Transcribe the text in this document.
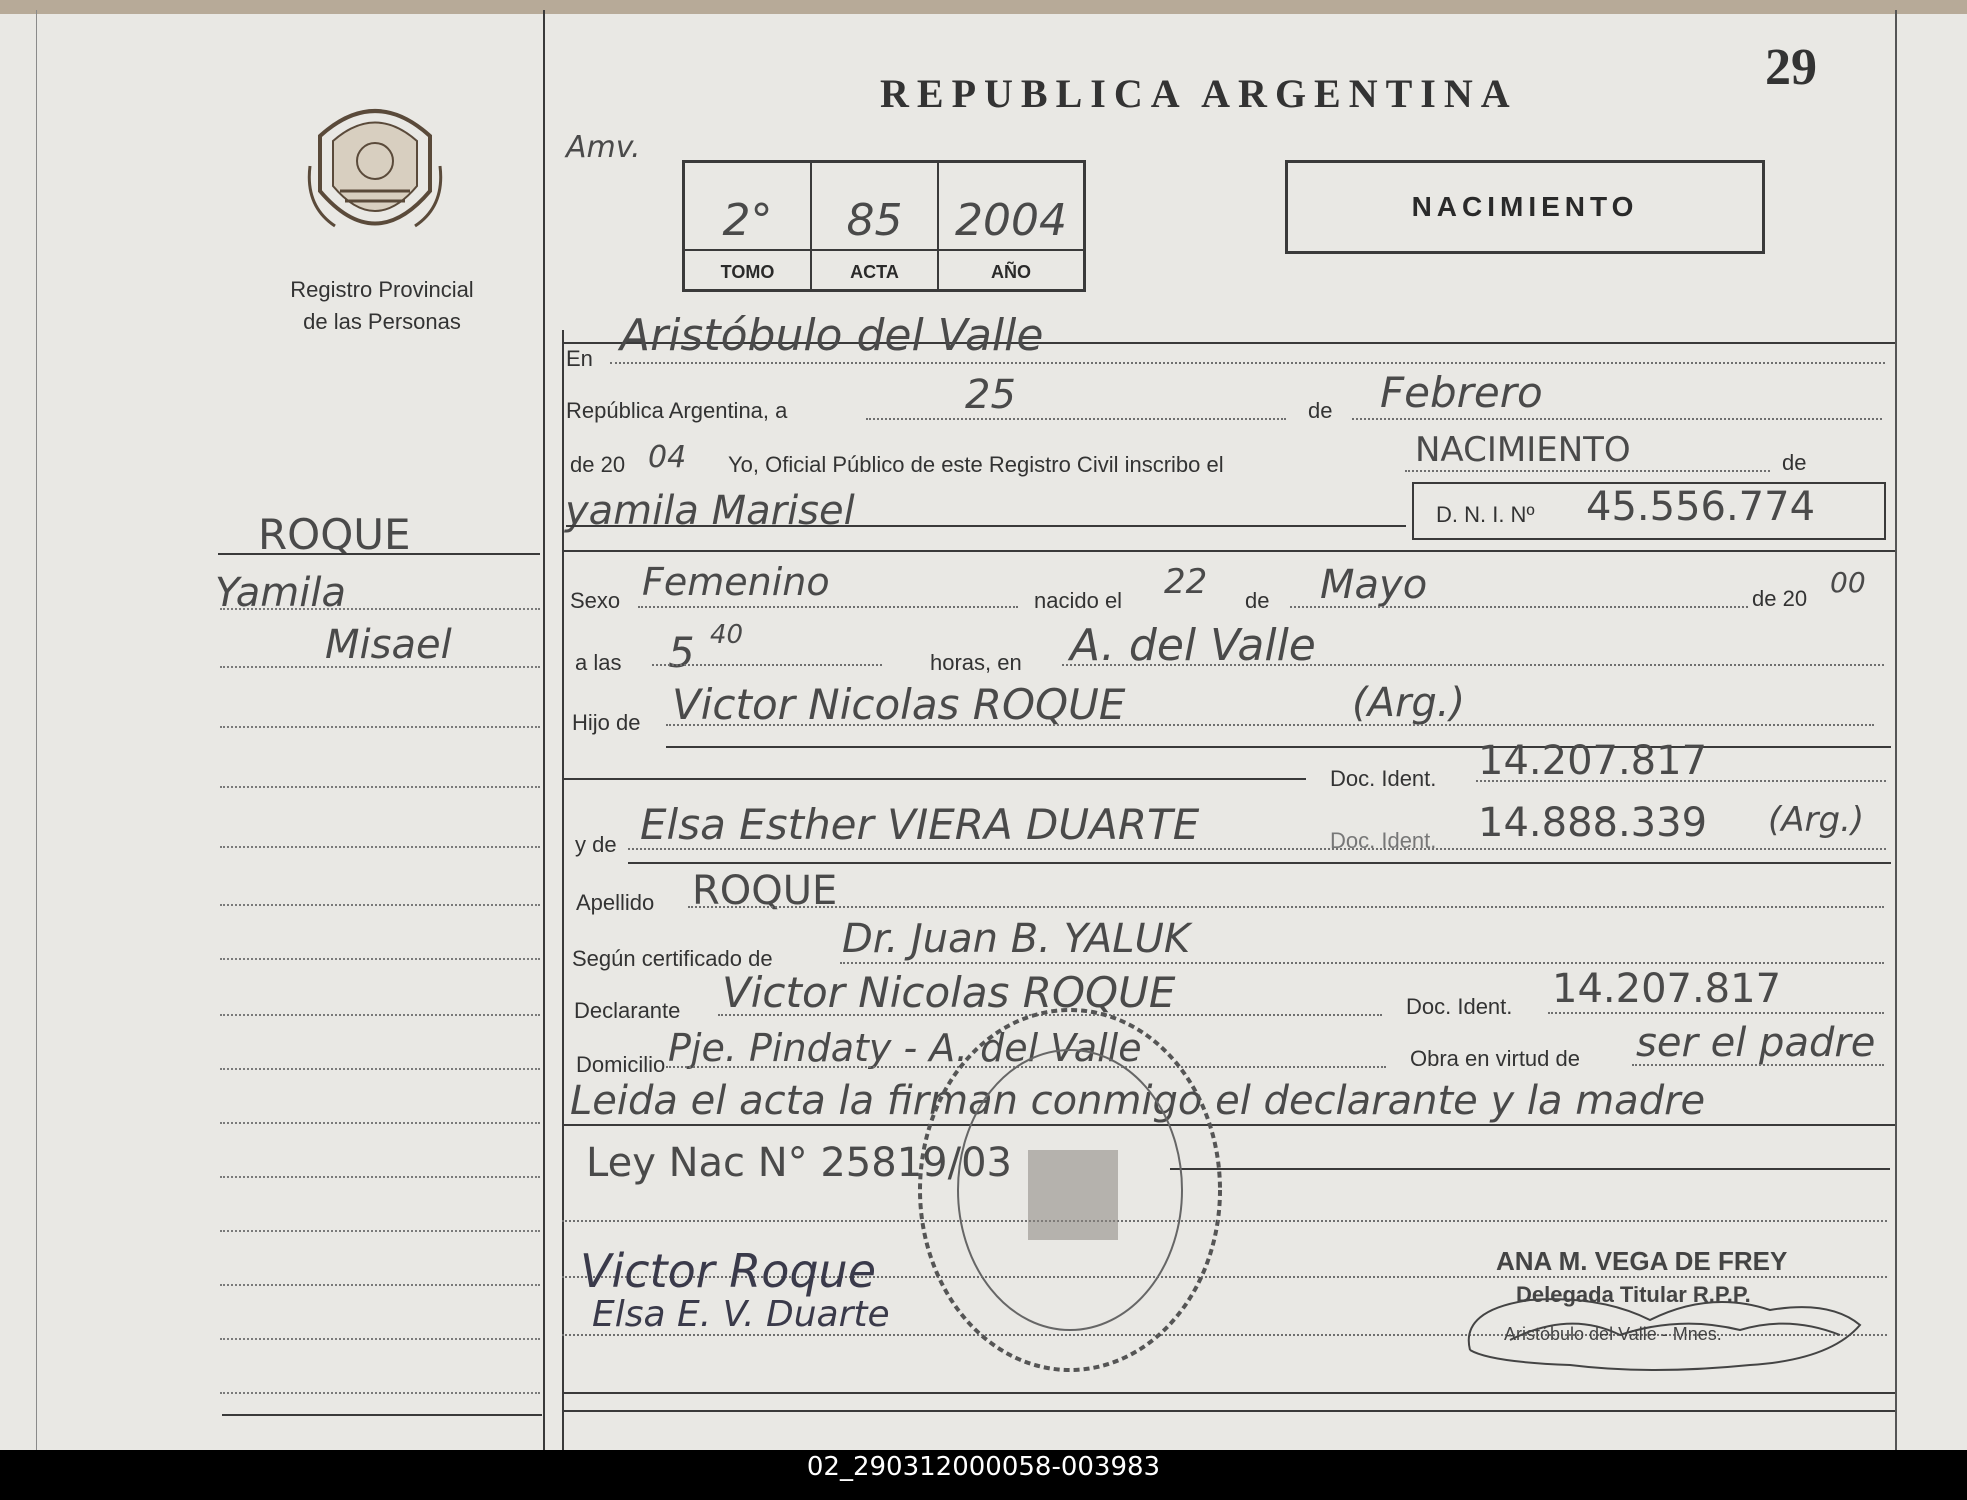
29
Registro Provincial
de las Personas
REPUBLICA ARGENTINA
Amv.
2°
TOMO
85
ACTA
2004
AÑO
NACIMIENTO
ROQUE
Yamila
Misael
En Aristóbulo del Valle
República Argentina, a	25	de Febrero
de 20 04 Yo, Oficial Público de este Registro Civil inscribo el	NACIMIENTO	de
yamila Marisel	D. N. I. Nº 45.556.774
Sexo Femenino	nacido el 22 de Mayo	de 20 00
a las 5 40
horas, en A. del Valle
Hijo de Victor Nicolas ROQUE	(Arg.)
Doc. Ident. 14.207.817
y de Elsa Esther VIERA DUARTE	Doc. Ident. 14.888.339 (Arg.)
Apellido ROQUE
Según certificado de Dr. Juan B. YALUK
Declarante Victor Nicolas ROQUE	Doc. Ident. 14.207.817
Domicilio Pje. Pindaty - A. del Valle	Obra en virtud de ser el padre
Leida el acta la firman conmigo el declarante y la madre
Ley Nac N° 25819/03
Victor Roque
Elsa E. V. Duarte
ANA M. VEGA DE FREY
Delegada Titular R.P.P.
Aristóbulo del Valle - Mnes.
02_290312000058-003983
